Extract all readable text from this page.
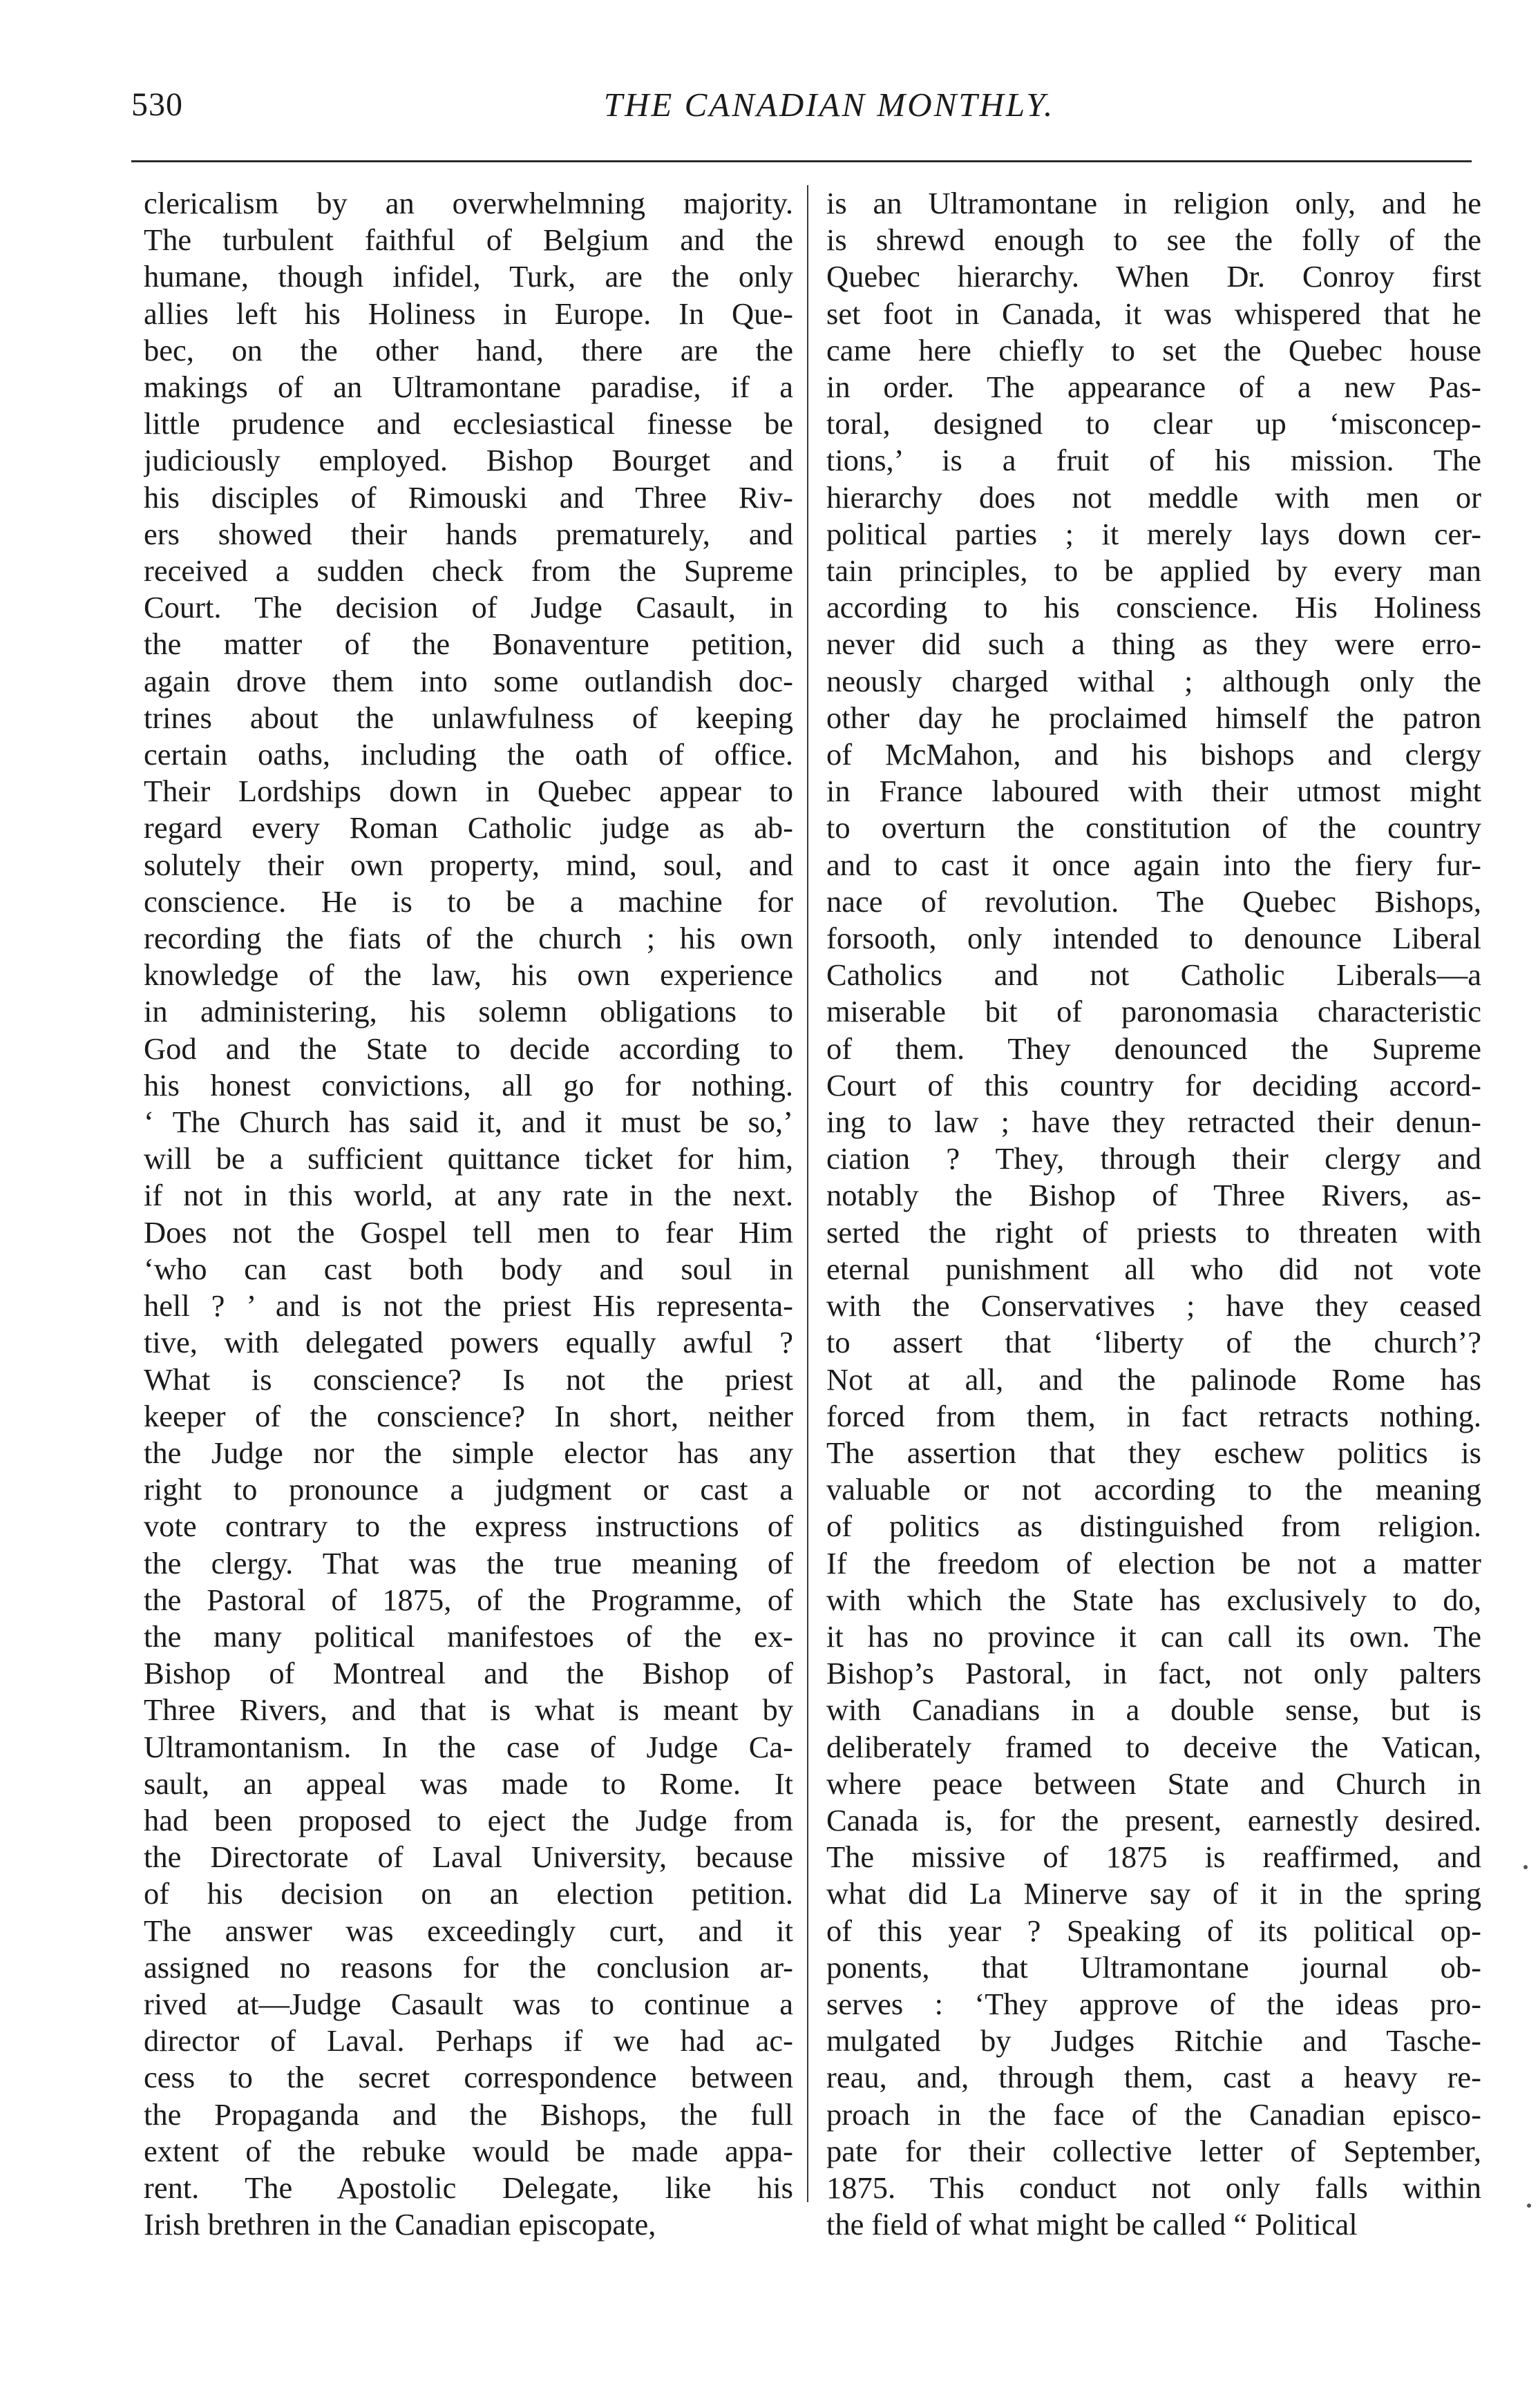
530	THE CANADIAN MONTHLY.
clericalism by an overwhelmning majority.
The turbulent faithful of Belgium and the
humane, though infidel, Turk, are the only
allies left his Holiness in Europe. In Que-
bec, on the other hand, there are the
makings of an Ultramontane paradise, if a
little prudence and ecclesiastical finesse be
judiciously employed. Bishop Bourget and
his disciples of Rimouski and Three Riv-
ers showed their hands prematurely, and
received a sudden check from the Supreme
Court. The decision of Judge Casault, in
the matter of the Bonaventure petition,
again drove them into some outlandish doc-
trines about the unlawfulness of keeping
certain oaths, including the oath of office.
Their Lordships down in Quebec appear to
regard every Roman Catholic judge as ab-
solutely their own property, mind, soul, and
conscience. He is to be a machine for
recording the fiats of the church ; his own
knowledge of the law, his own experience
in administering, his solemn obligations to
God and the State to decide according to
his honest convictions, all go for nothing.
‘ The Church has said it, and it must be so,’
will be a sufficient quittance ticket for him,
if not in this world, at any rate in the next.
Does not the Gospel tell men to fear Him
‘who can cast both body and soul in
hell ? ’ and is not the priest His representa-
tive, with delegated powers equally awful ?
What is conscience? Is not the priest
keeper of the conscience? In short, neither
the Judge nor the simple elector has any
right to pronounce a judgment or cast a
vote contrary to the express instructions of
the clergy. That was the true meaning of
the Pastoral of 1875, of the Programme, of
the many political manifestoes of the ex-
Bishop of Montreal and the Bishop of
Three Rivers, and that is what is meant by
Ultramontanism. In the case of Judge Ca-
sault, an appeal was made to Rome. It
had been proposed to eject the Judge from
the Directorate of Laval University, because
of his decision on an election petition.
The answer was exceedingly curt, and it
assigned no reasons for the conclusion ar-
rived at—Judge Casault was to continue a
director of Laval. Perhaps if we had ac-
cess to the secret correspondence between
the Propaganda and the Bishops, the full
extent of the rebuke would be made appa-
rent. The Apostolic Delegate, like his
Irish brethren in the Canadian episcopate,
is an Ultramontane in religion only, and he
is shrewd enough to see the folly of the
Quebec hierarchy. When Dr. Conroy first
set foot in Canada, it was whispered that he
came here chiefly to set the Quebec house
in order. The appearance of a new Pas-
toral, designed to clear up ‘misconcep-
tions,’ is a fruit of his mission. The
hierarchy does not meddle with men or
political parties ; it merely lays down cer-
tain principles, to be applied by every man
according to his conscience. His Holiness
never did such a thing as they were erro-
neously charged withal ; although only the
other day he proclaimed himself the patron
of McMahon, and his bishops and clergy
in France laboured with their utmost might
to overturn the constitution of the country
and to cast it once again into the fiery fur-
nace of revolution. The Quebec Bishops,
forsooth, only intended to denounce Liberal
Catholics and not Catholic Liberals—a
miserable bit of paronomasia characteristic
of them. They denounced the Supreme
Court of this country for deciding accord-
ing to law ; have they retracted their denun-
ciation ? They, through their clergy and
notably the Bishop of Three Rivers, as-
serted the right of priests to threaten with
eternal punishment all who did not vote
with the Conservatives ; have they ceased
to assert that ‘liberty of the church’?
Not at all, and the palinode Rome has
forced from them, in fact retracts nothing.
The assertion that they eschew politics is
valuable or not according to the meaning
of politics as distinguished from religion.
If the freedom of election be not a matter
with which the State has exclusively to do,
it has no province it can call its own. The
Bishop’s Pastoral, in fact, not only palters
with Canadians in a double sense, but is
deliberately framed to deceive the Vatican,
where peace between State and Church in
Canada is, for the present, earnestly desired.
The missive of 1875 is reaffirmed, and
what did La Minerve say of it in the spring
of this year ? Speaking of its political op-
ponents, that Ultramontane journal ob-
serves : ‘They approve of the ideas pro-
mulgated by Judges Ritchie and Tasche-
reau, and, through them, cast a heavy re-
proach in the face of the Canadian episco-
pate for their collective letter of September,
1875. This conduct not only falls within
the field of what might be called “ Political
